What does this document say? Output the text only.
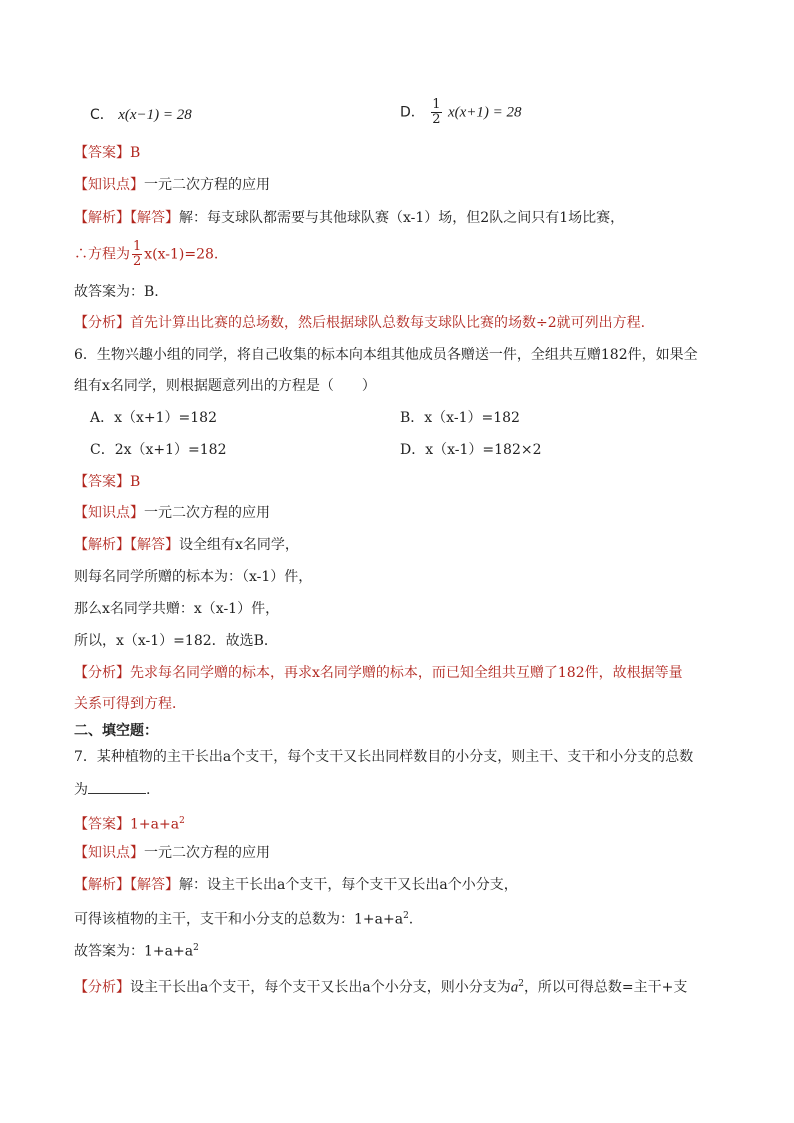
C． x(x−1) = 28	D． $\frac{1}{2} x(x+1) = 28$
【答案】B
【知识点】一元二次方程的应用
【解析】【解答】解：每支球队都需要与其他球队赛（x-1）场，但2队之间只有1场比赛，
∴方程为 $\frac{1}{2} x(x-1)=28$.
故答案为：B.
【分析】首先计算出比赛的总场数，然后根据球队总数每支球队比赛的场数÷2就可列出方程.
6．生物兴趣小组的同学，将自己收集的标本向本组其他成员各赠送一件，全组共互赠182件，如果全
组有x名同学，则根据题意列出的方程是（　　）
A．x（x+1）=182	B．x（x-1）=182
C．2x（x+1）=182	D．x（x-1）=182×2
【答案】B
【知识点】一元二次方程的应用
【解析】【解答】设全组有x名同学，
则每名同学所赠的标本为：（x-1）件，
那么x名同学共赠：x（x-1）件，
所以，x（x-1）=182．故选B．
【分析】先求每名同学赠的标本，再求x名同学赠的标本，而已知全组共互赠了182件，故根据等量
关系可得到方程．
二、填空题：
7．某种植物的主干长出a个支干，每个支干又长出同样数目的小分支，则主干、支干和小分支的总数
为	.
【答案】$1+a+a^2$
【知识点】一元二次方程的应用
【解析】【解答】解：设主干长出a个支干，每个支干又长出a个小分支，
可得该植物的主干，支干和小分支的总数为：$1+a+a^2$.
故答案为：$1+a+a^2$
【分析】设主干长出a个支干，每个支干又长出a个小分支，则小分支为$a^2$，所以可得总数=主干+支
